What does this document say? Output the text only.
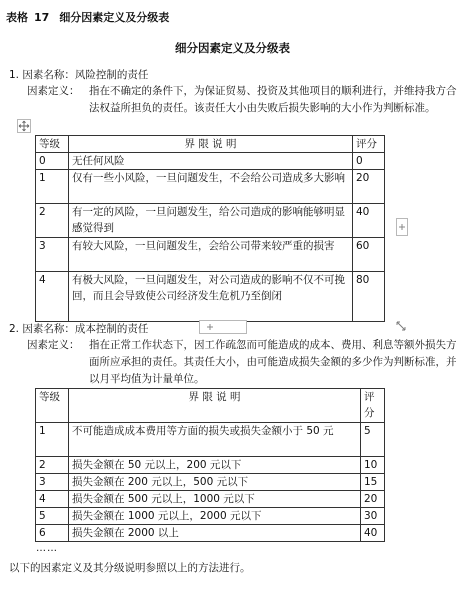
表格 17 细分因素定义及分级表
细分因素定义及分级表
1. 因素名称：风险控制的责任
因素定义： 指在不确定的条件下，为保证贸易、投资及其他项目的顺利进行，并维持我方合法权益所担负的责任。该责任大小由失败后损失影响的大小作为判断标准。
等级	界 限 说 明	评分
0	无任何风险	0
1	仅有一些小风险，一旦问题发生，不会给公司造成多大影响	20
2	有一定的风险，一旦问题发生，给公司造成的影响能够明显感觉得到	40
3	有较大风险，一旦问题发生，会给公司带来较严重的损害	60
4	有极大风险，一旦问题发生，对公司造成的影响不仅不可挽回，而且会导致使公司经济发生危机乃至倒闭	80
2. 因素名称：成本控制的责任
因素定义： 指在正常工作状态下，因工作疏忽而可能造成的成本、费用、利息等额外损失方面所应承担的责任。其责任大小，由可能造成损失金额的多少作为判断标准，并以月平均值为计量单位。
等级	界 限 说 明	评分
1	不可能造成成本费用等方面的损失或损失金额小于 50 元	5
2	损失金额在 50 元以上，200 元以下	10
3	损失金额在 200 元以上，500 元以下	15
4	损失金额在 500 元以上，1000 元以下	20
5	损失金额在 1000 元以上，2000 元以下	30
6	损失金额在 2000 以上	40
……
以下的因素定义及其分级说明参照以上的方法进行。
